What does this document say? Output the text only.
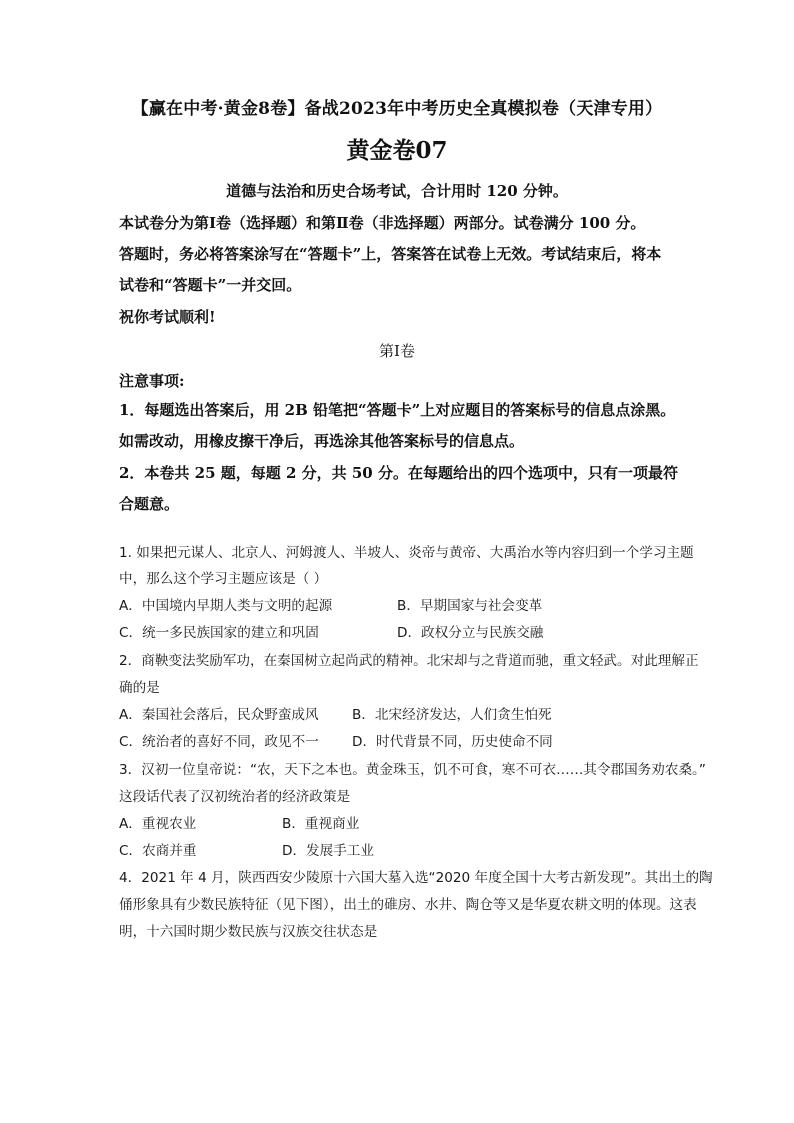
【赢在中考·黄金8卷】备战2023年中考历史全真模拟卷（天津专用）
黄金卷07
道德与法治和历史合场考试，合计用时 120 分钟。
本试卷分为第Ⅰ卷（选择题）和第Ⅱ卷（非选择题）两部分。试卷满分 100 分。
答题时，务必将答案涂写在“答题卡”上，答案答在试卷上无效。考试结束后，将本
试卷和“答题卡”一并交回。
祝你考试顺利!
第Ⅰ卷
注意事项:
1．每题选出答案后，用 2B 铅笔把“答题卡”上对应题目的答案标号的信息点涂黑。
如需改动，用橡皮擦干净后，再选涂其他答案标号的信息点。
2．本卷共 25 题，每题 2 分，共 50 分。在每题给出的四个选项中，只有一项最符
合题意。
1. 如果把元谋人、北京人、河姆渡人、半坡人、炎帝与黄帝、大禹治水等内容归到一个学习主题
中，那么这个学习主题应该是（ ）
A．中国境内早期人类与文明的起源	B．早期国家与社会变革
C．统一多民族国家的建立和巩固	D．政权分立与民族交融
2．商鞅变法奖励军功，在秦国树立起尚武的精神。北宋却与之背道而驰，重文轻武。对此理解正
确的是
A．秦国社会落后，民众野蛮成风 B．北宋经济发达，人们贪生怕死
C．统治者的喜好不同，政见不一 D．时代背景不同，历史使命不同
3．汉初一位皇帝说：“农，天下之本也。黄金珠玉，饥不可食，寒不可衣……其令郡国务劝农桑。”
这段话代表了汉初统治者的经济政策是
A．重视农业	B．重视商业
C．农商并重	D．发展手工业
4．2021 年 4 月，陕西西安少陵原十六国大墓入选“2020 年度全国十大考古新发现”。其出土的陶
俑形象具有少数民族特征（见下图），出土的碓房、水井、陶仓等又是华夏农耕文明的体现。这表
明，十六国时期少数民族与汉族交往状态是
